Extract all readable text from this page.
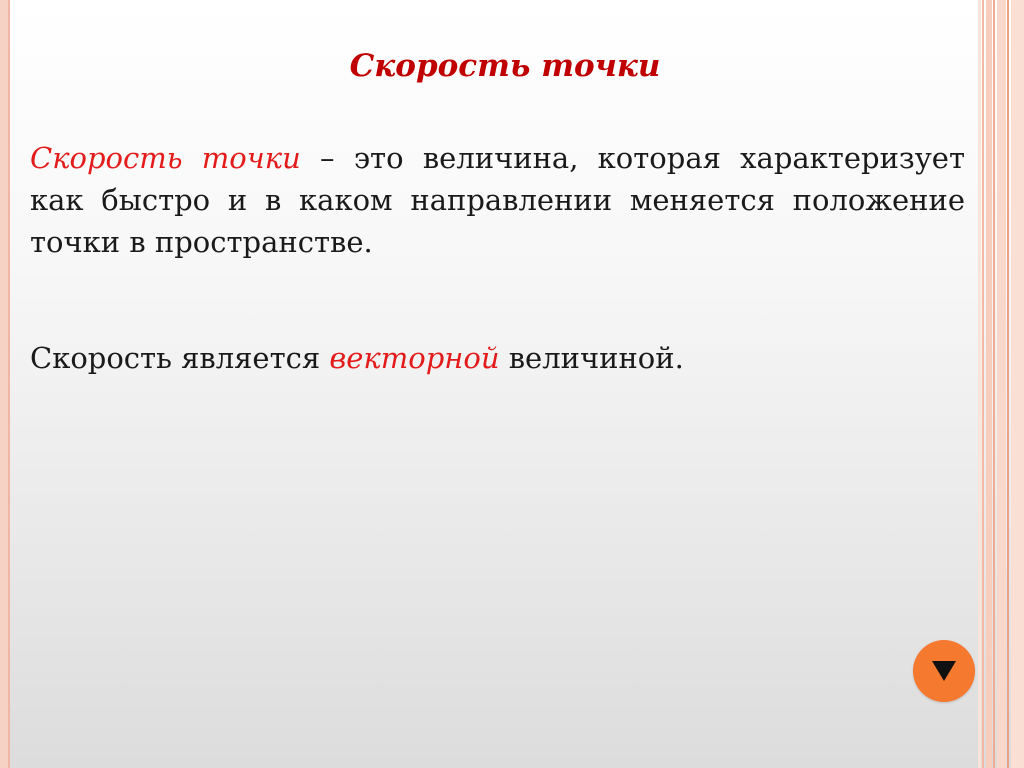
Скорость точки

Скорость точки – это величина, которая характеризует как быстро и в каком направлении меняется положение точки в пространстве.

Скорость является векторной величиной.
